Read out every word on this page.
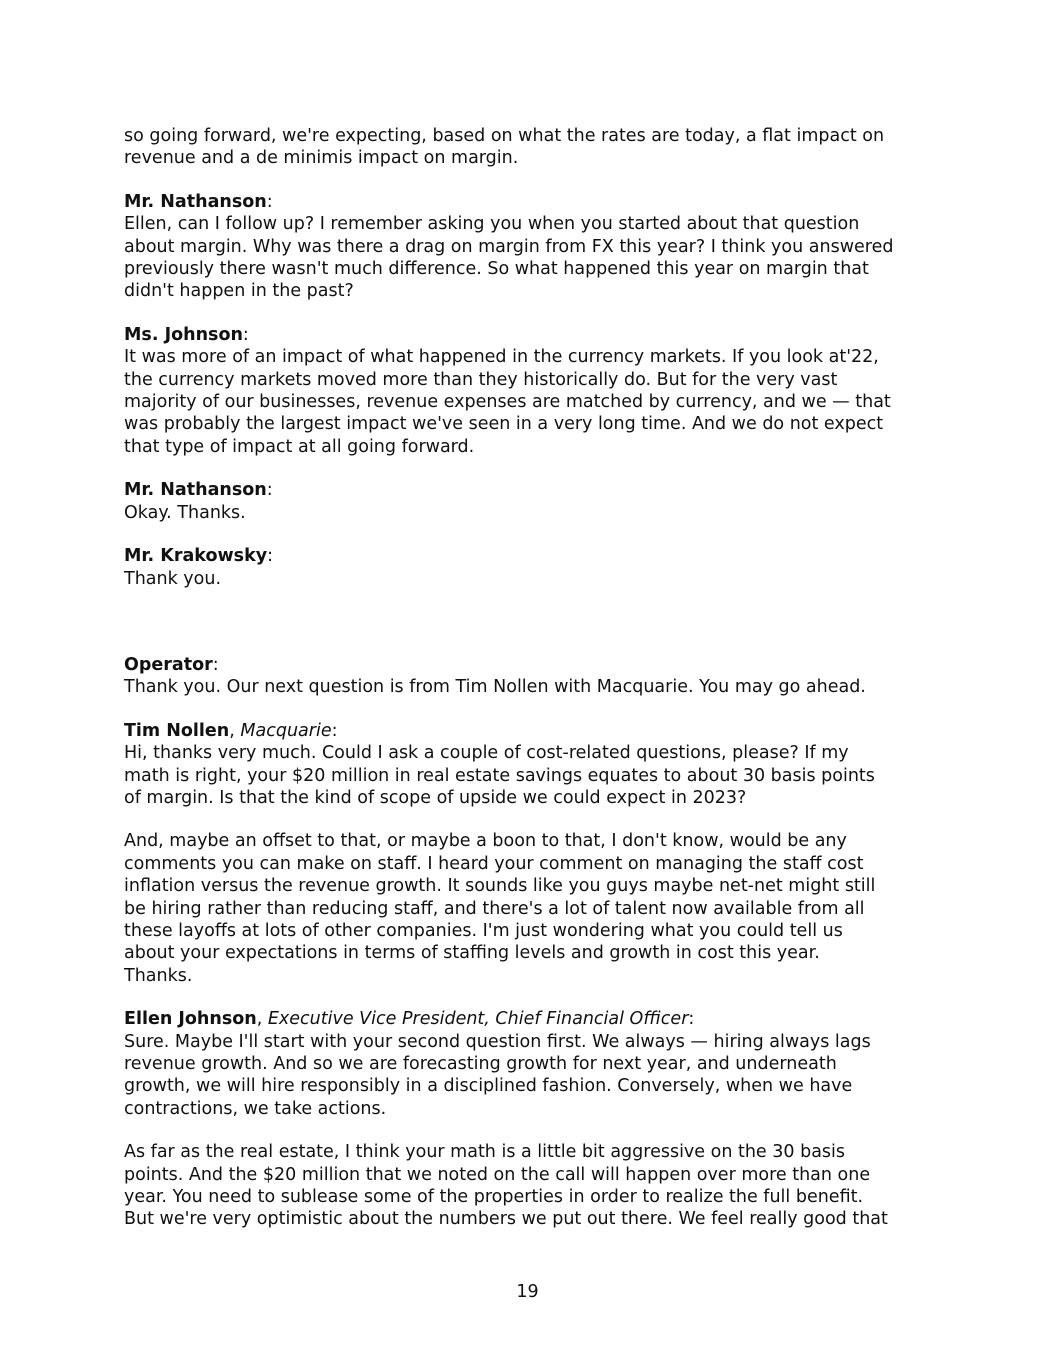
so going forward, we're expecting, based on what the rates are today, a flat impact on
revenue and a de minimis impact on margin.

Mr. Nathanson:

Ellen, can I follow up? I remember asking you when you started about that question
about margin. Why was there a drag on margin from FX this year? I think you answered
previously there wasn't much difference. So what happened this year on margin that
didn't happen in the past?

Ms. Johnson:

It was more of an impact of what happened in the currency markets. If you look at'22,
the currency markets moved more than they historically do. But for the very vast
majority of our businesses, revenue expenses are matched by currency, and we — that
was probably the largest impact we've seen in a very long time. And we do not expect
that type of impact at all going forward.

Mr. Nathanson:

Okay. Thanks.

Mr. Krakowsky:

Thank you.

Operator:

Thank you. Our next question is from Tim Nollen with Macquarie. You may go ahead.

Tim Nollen, Macquarie:

Hi, thanks very much. Could I ask a couple of cost-related questions, please? If my
math is right, your $20 million in real estate savings equates to about 30 basis points
of margin. Is that the kind of scope of upside we could expect in 2023?

And, maybe an offset to that, or maybe a boon to that, I don't know, would be any
comments you can make on staff. I heard your comment on managing the staff cost
inflation versus the revenue growth. It sounds like you guys maybe net-net might still
be hiring rather than reducing staff, and there's a lot of talent now available from all
these layoffs at lots of other companies. I'm just wondering what you could tell us
about your expectations in terms of staffing levels and growth in cost this year.
Thanks.

Ellen Johnson, Executive Vice President, Chief Financial Officer:

Sure. Maybe I'll start with your second question first. We always — hiring always lags
revenue growth. And so we are forecasting growth for next year, and underneath
growth, we will hire responsibly in a disciplined fashion. Conversely, when we have
contractions, we take actions.

As far as the real estate, I think your math is a little bit aggressive on the 30 basis
points. And the $20 million that we noted on the call will happen over more than one
year. You need to sublease some of the properties in order to realize the full benefit.
But we're very optimistic about the numbers we put out there. We feel really good that

19
